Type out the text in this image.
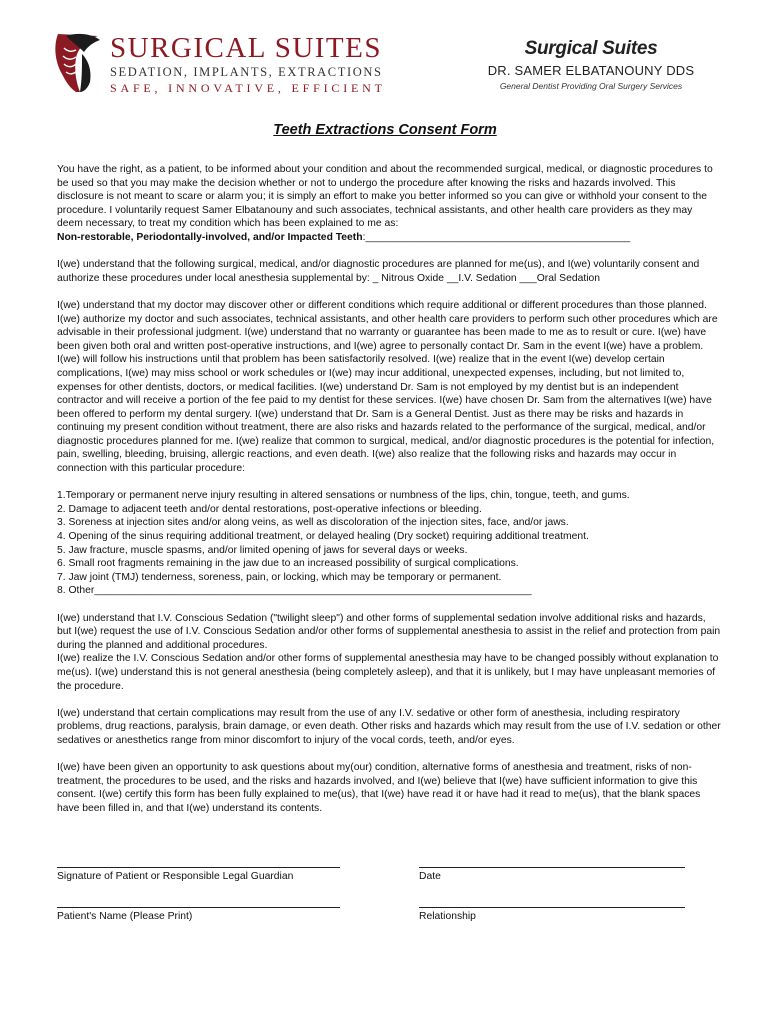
SURGICAL SUITES
SEDATION, IMPLANTS, EXTRACTIONS
SAFE, INNOVATIVE, EFFICIENT
Surgical Suites
DR. SAMER ELBATANOUNY DDS
General Dentist Providing Oral Surgery Services
Teeth Extractions Consent Form

You have the right, as a patient, to be informed about your condition and about the recommended surgical, medical, or diagnostic procedures to be used so that you may make the decision whether or not to undergo the procedure after knowing the risks and hazards involved. This disclosure is not meant to scare or alarm you; it is simply an effort to make you better informed so you can give or withhold your consent to the procedure. I voluntarily request Samer Elbatanouny and such associates, technical assistants, and other health care providers as they may deem necessary, to treat my condition which has been explained to me as:

Non-restorable, Periodontally-involved, and/or Impacted Teeth:______________________________________________

I(we) understand that the following surgical, medical, and/or diagnostic procedures are planned for me(us), and I(we) voluntarily consent and authorize these procedures under local anesthesia supplemental by: _ Nitrous Oxide __I.V. Sedation ___Oral Sedation

I(we) understand that my doctor may discover other or different conditions which require additional or different procedures than those planned. I(we) authorize my doctor and such associates, technical assistants, and other health care providers to perform such other procedures which are advisable in their professional judgment. I(we) understand that no warranty or guarantee has been made to me as to result or cure. I(we) have been given both oral and written post-operative instructions, and I(we) agree to personally contact Dr. Sam in the event I(we) have a problem. I(we) will follow his instructions until that problem has been satisfactorily resolved. I(we) realize that in the event I(we) develop certain complications, I(we) may miss school or work schedules or I(we) may incur additional, unexpected expenses, including, but not limited to, expenses for other dentists, doctors, or medical facilities. I(we) understand Dr. Sam is not employed by my dentist but is an independent contractor and will receive a portion of the fee paid to my dentist for these services. I(we) have chosen Dr. Sam from the alternatives I(we) have been offered to perform my dental surgery. I(we) understand that Dr. Sam is a General Dentist. Just as there may be risks and hazards in continuing my present condition without treatment, there are also risks and hazards related to the performance of the surgical, medical, and/or diagnostic procedures planned for me. I(we) realize that common to surgical, medical, and/or diagnostic procedures is the potential for infection, pain, swelling, bleeding, bruising, allergic reactions, and even death. I(we) also realize that the following risks and hazards may occur in connection with this particular procedure:

1.Temporary or permanent nerve injury resulting in altered sensations or numbness of the lips, chin, tongue, teeth, and gums.
2. Damage to adjacent teeth and/or dental restorations, post-operative infections or bleeding.
3. Soreness at injection sites and/or along veins, as well as discoloration of the injection sites, face, and/or jaws.
4. Opening of the sinus requiring additional treatment, or delayed healing (Dry socket) requiring additional treatment.
5. Jaw fracture, muscle spasms, and/or limited opening of jaws for several days or weeks.
6. Small root fragments remaining in the jaw due to an increased possibility of surgical complications.
7. Jaw joint (TMJ) tenderness, soreness, pain, or locking, which may be temporary or permanent.
8. Other____________________________________________________________________________

I(we) understand that I.V. Conscious Sedation ("twilight sleep") and other forms of supplemental sedation involve additional risks and hazards, but I(we) request the use of I.V. Conscious Sedation and/or other forms of supplemental anesthesia to assist in the relief and protection from pain during the planned and additional procedures.

I(we) realize the I.V. Conscious Sedation and/or other forms of supplemental anesthesia may have to be changed possibly without explanation to me(us). I(we) understand this is not general anesthesia (being completely asleep), and that it is unlikely, but I may have unpleasant memories of the procedure.

I(we) understand that certain complications may result from the use of any I.V. sedative or other form of anesthesia, including respiratory problems, drug reactions, paralysis, brain damage, or even death. Other risks and hazards which may result from the use of I.V. sedation or other sedatives or anesthetics range from minor discomfort to injury of the vocal cords, teeth, and/or eyes.

I(we) have been given an opportunity to ask questions about my(our) condition, alternative forms of anesthesia and treatment, risks of non-treatment, the procedures to be used, and the risks and hazards involved, and I(we) believe that I(we) have sufficient information to give this consent. I(we) certify this form has been fully explained to me(us), that I(we) have read it or have had it read to me(us), that the blank spaces have been filled in, and that I(we) understand its contents.

Signature of Patient or Responsible Legal Guardian	Date
Patient's Name (Please Print)	Relationship
